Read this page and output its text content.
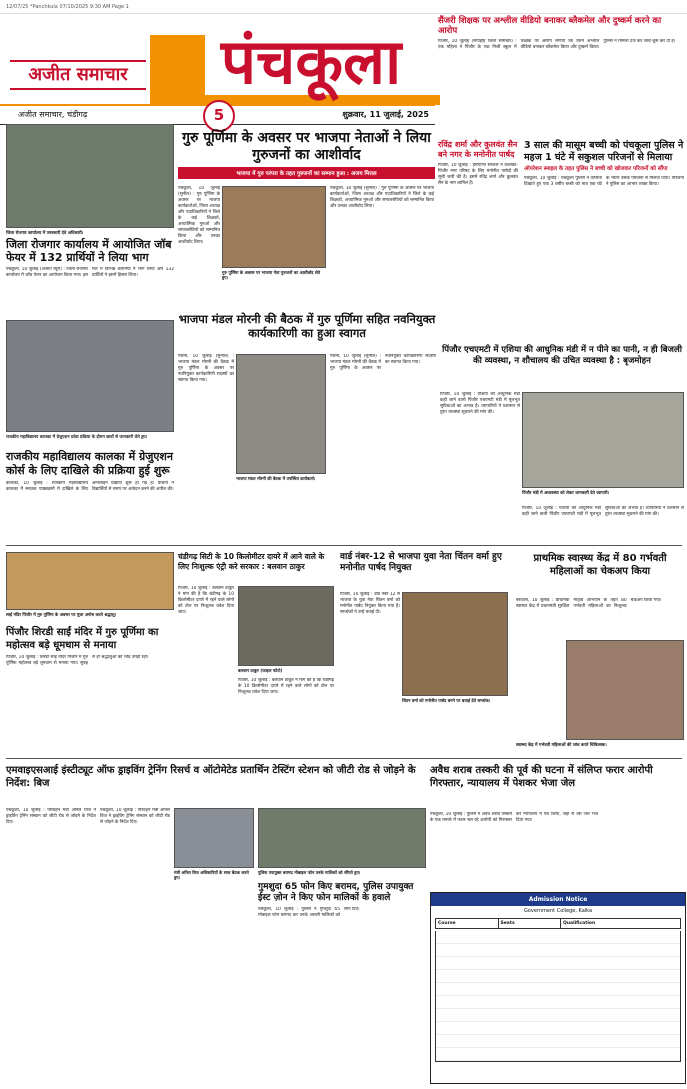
12/07/25 *Panchkula 07/10/2025 9:30 AM Page 1
अजीत समाचार	पंचकूला
अजीत समाचार, चंडीगढ़	5	शुक्रवार, 11 जुलाई, 2025
सैंजरी शिक्षक पर अश्लील वीडियो बनाकर ब्लैकमेल और दुष्कर्म करने का आरोप
पिंजौर, 10 जुलाई (सपाद्दीह जिला समाचार) : एक महिला ने पिंजौर के एक निजी स्कूल में शिक्षक पर आरोप लगाया कि उसने अश्लील वीडियो बनाकर ब्लैकमेल किया और दुष्कर्म किया। पुलिस ने मामला दर्ज कर जांच शुरू कर दी है।
जिला रोजगार कार्यालय में जानकारी देते अधिकारी।
गुरु पूर्णिमा के अवसर पर भाजपा नेताओं ने लिया गुरुजनों का आशीर्वाद
भाजपा में गुरु परंपरा के तहत गुरुजनों का सम्मान हुआ : अजय मित्तल
पंचकूला, 10 जुलाई (सुनील) : गुरु पूर्णिमा के अवसर पर भाजपा कार्यकर्ताओं, जिला अध्यक्ष और पदाधिकारियों ने जिले के कई शिक्षकों, अध्यात्मिक गुरुओं और समाजसेवियों को सम्मानित किया और उनका आशीर्वाद लिया।
गुरु पूर्णिमा के अवसर पर भाजपा नेता गुरुजनों का आशीर्वाद लेते हुए।
पंचकूला, 10 जुलाई (सुनील) : गुरु पूर्णिमा के अवसर पर भाजपा कार्यकर्ताओं, जिला अध्यक्ष और पदाधिकारियों ने जिले के कई शिक्षकों, अध्यात्मिक गुरुओं और समाजसेवियों को सम्मानित किया और उनका आशीर्वाद लिया।
रविंद्र शर्मा और कुलवंत सैन बने नगर के मनोनीत पार्षद
पिंजौर, 10 जुलाई : हरियाणा सरकार ने कालका-पिंजौर नगर परिषद के लिए मनोनीत पार्षदों की सूची जारी की है। इसमें रविंद्र शर्मा और कुलवंत सैन के नाम शामिल हैं।
3 साल की मासूम बच्ची को पंचकूला पुलिस ने महज 1 घंटे में सकुशल परिजनों से मिलाया
ऑपरेशन स्माइल के तहत पुलिस ने बच्ची को खोजकर परिजनों को सौंपा
पंचकूला, 10 जुलाई : पंचकूला पुलिस ने तत्परता दिखाते हुए एक 3 वर्षीय बच्ची को मात्र एक घंटे के भीतर उसके परिजनों से मिलवा दिया। परिजनों ने पुलिस का आभार व्यक्त किया।
जिला रोजगार कार्यालय में आयोजित जॉब फेयर में 132 प्रार्थियों ने लिया भाग
पंचकूला, 10 जुलाई (अजीत ब्यूरो) : जिला रोजगार कार्यालय में जॉब फेयर का आयोजन किया गया। इस मेले में विभिन्न कंपनियों ने भाग लिया और 132 प्रार्थियों ने इसमें हिस्सा लिया।
राजकीय महाविद्यालय कालका में ग्रेजुएशन प्रवेश प्रक्रिया के दौरान छात्रों से जानकारी लेते हुए।
भाजपा मंडल मोरनी की बैठक में गुरु पूर्णिमा सहित नवनियुक्त कार्यकारिणी का हुआ स्वागत
मोरनी, 10 जुलाई (सुनील) : भाजपा मंडल मोरनी की बैठक में गुरु पूर्णिमा के अवसर पर नवनियुक्त कार्यकारिणी सदस्यों का स्वागत किया गया।
भाजपा मंडल मोरनी की बैठक में उपस्थित कार्यकर्ता।
मोरनी, 10 जुलाई (सुनील) : भाजपा मंडल मोरनी की बैठक में गुरु पूर्णिमा के अवसर पर नवनियुक्त कार्यकारिणी सदस्यों का स्वागत किया गया।
पिंजौर एचएमटी में एशिया की आधुनिक मंडी में न पीने का पानी, न ही बिजली की व्यवस्था, न शौचालय की उचित व्यवस्था है : बृजमोहन
पिंजौर, 10 जुलाई : एशिया की आधुनिक मंडी कही जाने वाली पिंजौर एचएमटी मंडी में मूलभूत सुविधाओं का अभाव है। व्यापारियों ने प्रशासन से तुरंत व्यवस्था सुधारने की मांग की।
पिंजौर मंडी में अव्यवस्था को लेकर जानकारी देते व्यापारी।
पिंजौर, 10 जुलाई : एशिया की आधुनिक मंडी कही जाने वाली पिंजौर एचएमटी मंडी में मूलभूत सुविधाओं का अभाव है। व्यापारियों ने प्रशासन से तुरंत व्यवस्था सुधारने की मांग की।
राजकीय महाविद्यालय कालका में ग्रेजुएशन कोर्स के लिए दाखिले की प्रक्रिया हुई शुरू
कालका, 10 जुलाई : राजकीय महाविद्यालय कालका में स्नातक पाठ्यक्रमों में दाखिले के लिए ऑनलाइन प्रक्रिया शुरू हो गई है। प्राचार्य ने विद्यार्थियों से समय पर आवेदन करने की अपील की।
साईं मंदिर पिंजौर में गुरु पूर्णिमा के अवसर पर पूजा अर्चना करते श्रद्धालु।
पिंजौर शिरडी साईं मंदिर में गुरु पूर्णिमा का महोत्सव बड़े धूमधाम से मनाया
पिंजौर, 10 जुलाई : शिरडी साईं मंदिर पिंजौर में गुरु पूर्णिमा महोत्सव बड़े धूमधाम से मनाया गया। सुबह से ही श्रद्धालुओं की भीड़ उमड़ी रही।
चंडीगढ़ सिटी के 10 किलोमीटर दायरे में आने वाले के लिए निःशुल्क एंट्री करे सरकार : बलवान ठाकुर
पिंजौर, 10 जुलाई : बलवान ठाकुर ने मांग की है कि चंडीगढ़ के 10 किलोमीटर दायरे में रहने वाले लोगों को टोल पर निःशुल्क प्रवेश दिया जाए।
बलवान ठाकुर (फाइल फोटो)
पिंजौर, 10 जुलाई : बलवान ठाकुर ने मांग की है कि चंडीगढ़ के 10 किलोमीटर दायरे में रहने वाले लोगों को टोल पर निःशुल्क प्रवेश दिया जाए।
वार्ड नंबर-12 से भाजपा युवा नेता चिंतन वर्मा हुए मनोनीत पार्षद नियुक्त
पिंजौर, 10 जुलाई : वार्ड नंबर 12 से भाजपा के युवा नेता चिंतन वर्मा को मनोनीत पार्षद नियुक्त किया गया है। समर्थकों ने उन्हें बधाई दी।
चिंतन वर्मा को मनोनीत पार्षद बनने पर बधाई देते समर्थक।
प्राथमिक स्वास्थ्य केंद्र में 80 गर्भवती महिलाओं का चेकअप किया
बरवाला, 10 जुलाई : प्राथमिक स्वास्थ्य केंद्र में प्रधानमंत्री सुरक्षित मातृत्व अभियान के तहत 80 गर्भवती महिलाओं का निःशुल्क चेकअप किया गया।
स्वास्थ्य केंद्र में गर्भवती महिलाओं की जांच करते चिकित्सक।
एमवाइएसआई इंस्टीट्यूट ऑफ ड्राइविंग ट्रेनिंग रिसर्च व ऑटोमेटेड प्रतार्थिन टेस्टिंग स्टेशन को जीटी रोड से जोड़ने के निर्देश: बिज
पंचकूला, 10 जुलाई : परिवहन मंत्री अनिल विज ने ड्राइविंग ट्रेनिंग संस्थान को जीटी रोड से जोड़ने के निर्देश दिए।
पंचकूला, 10 जुलाई : परिवहन मंत्री अनिल विज ने ड्राइविंग ट्रेनिंग संस्थान को जीटी रोड से जोड़ने के निर्देश दिए।
मंत्री अनिल विज अधिकारियों के साथ बैठक करते हुए।
पुलिस उपायुक्त बरामद मोबाइल फोन उनके मालिकों को सौंपते हुए।
गुमशुदा 65 फोन किए बरामद, पुलिस उपायुक्त ईस्ट ज़ोन ने किए फोन मालिकों के हवाले
पंचकूला, 10 जुलाई : पुलिस ने गुमशुदा 65 मोबाइल फोन बरामद कर उनके असली मालिकों को सौंप दिए।
अवैध शराब तस्करी की पूर्व की घटना में संलिप्त फरार आरोपी गिरफ्तार, न्यायालय में पेशकर भेजा जेल
पंचकूला, 10 जुलाई : पुलिस ने अवैध शराब तस्करी के एक मामले में फरार चल रहे आरोपी को गिरफ्तार कर न्यायालय में पेश किया, जहां से उसे जेल भेज दिया गया।
Admission Notice
Government College, Kalka
Course	Seats	Qualification
